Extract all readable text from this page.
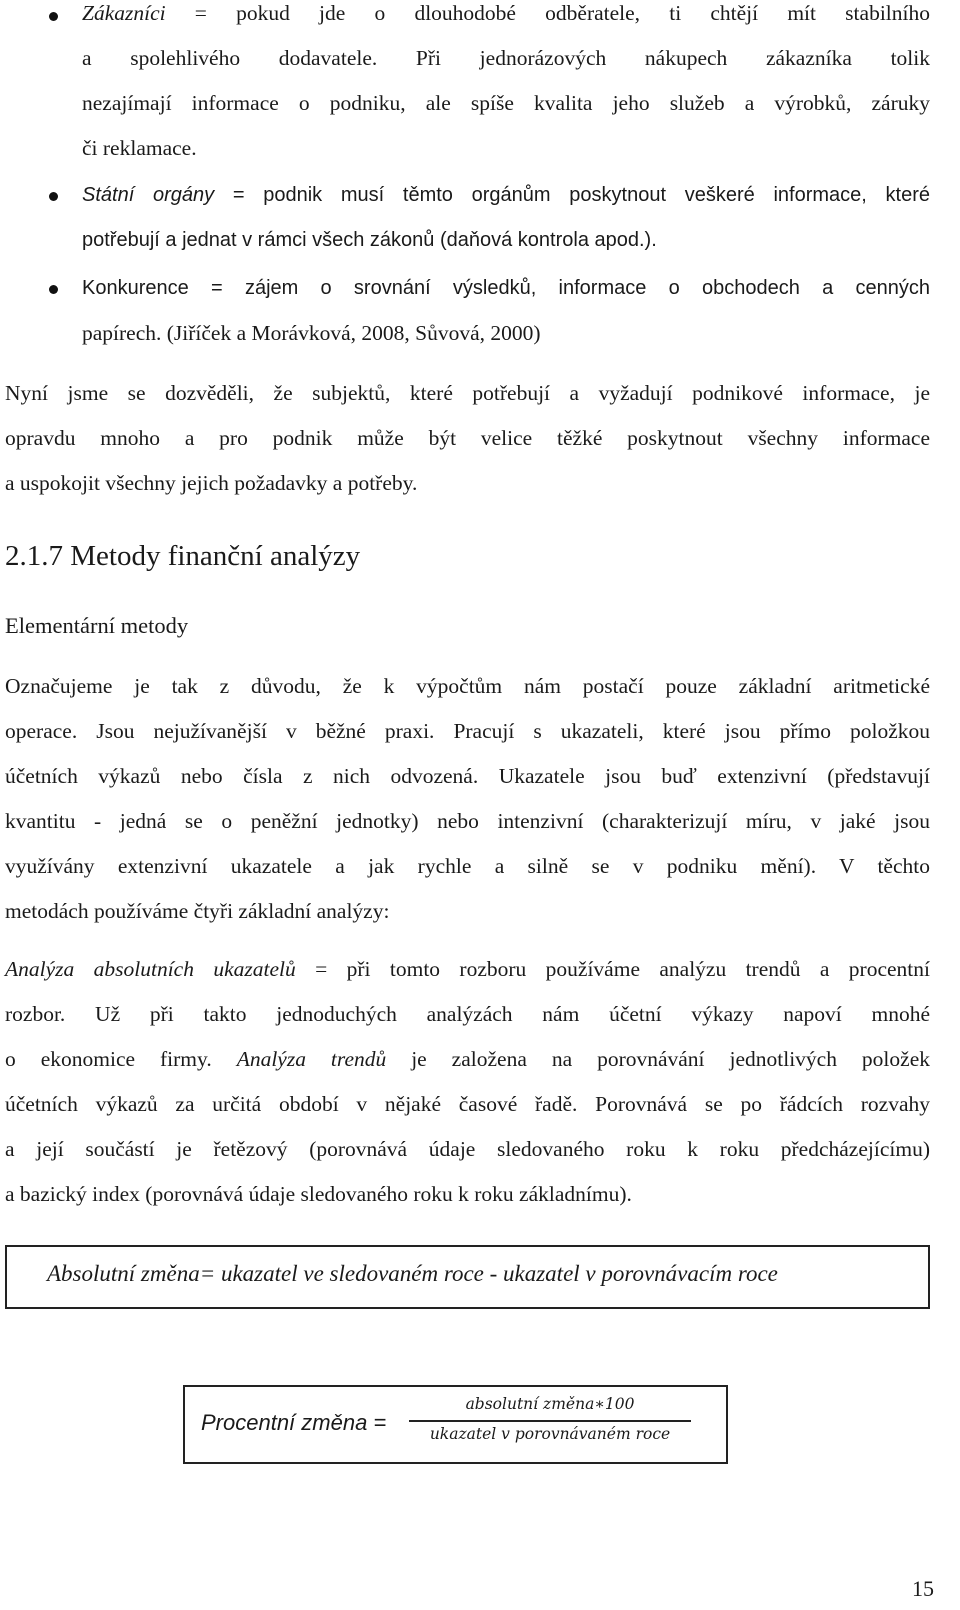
Zákazníci = pokud jde o dlouhodobé odběratele, ti chtějí mít stabilního
a spolehlivého dodavatele. Při jednorázových nákupech zákazníka tolik
nezajímají informace o podniku, ale spíše kvalita jeho služeb a výrobků, záruky
či reklamace.
Státní orgány = podnik musí těmto orgánům poskytnout veškeré informace, které
potřebují a jednat v rámci všech zákonů (daňová kontrola apod.).
Konkurence = zájem o srovnání výsledků, informace o obchodech a cenných
papírech. (Jiříček a Morávková, 2008, Sůvová, 2000)
Nyní jsme se dozvěděli, že subjektů, které potřebují a vyžadují podnikové informace, je
opravdu mnoho a pro podnik může být velice těžké poskytnout všechny informace
a uspokojit všechny jejich požadavky a potřeby.
2.1.7 Metody finanční analýzy
Elementární metody
Označujeme je tak z důvodu, že k výpočtům nám postačí pouze základní aritmetické
operace. Jsou nejužívanější v běžné praxi. Pracují s ukazateli, které jsou přímo položkou
účetních výkazů nebo čísla z nich odvozená. Ukazatele jsou buď extenzivní (představují
kvantitu - jedná se o peněžní jednotky) nebo intenzivní (charakterizují míru, v jaké jsou
využívány extenzivní ukazatele a jak rychle a silně se v podniku mění). V těchto
metodách používáme čtyři základní analýzy:
Analýza absolutních ukazatelů = při tomto rozboru používáme analýzu trendů a procentní
rozbor. Už při takto jednoduchých analýzách nám účetní výkazy napoví mnohé
o ekonomice firmy. Analýza trendů je založena na porovnávání jednotlivých položek
účetních výkazů za určitá období v nějaké časové řadě. Porovnává se po řádcích rozvahy
a její součástí je řetězový (porovnává údaje sledovaného roku k roku předcházejícímu)
a bazický index (porovnává údaje sledovaného roku k roku základnímu).
Absolutní změna= ukazatel ve sledovaném roce - ukazatel v porovnávacím roce
Procentní změna =
absolutní změna∗100
ukazatel v porovnávaném roce
15
